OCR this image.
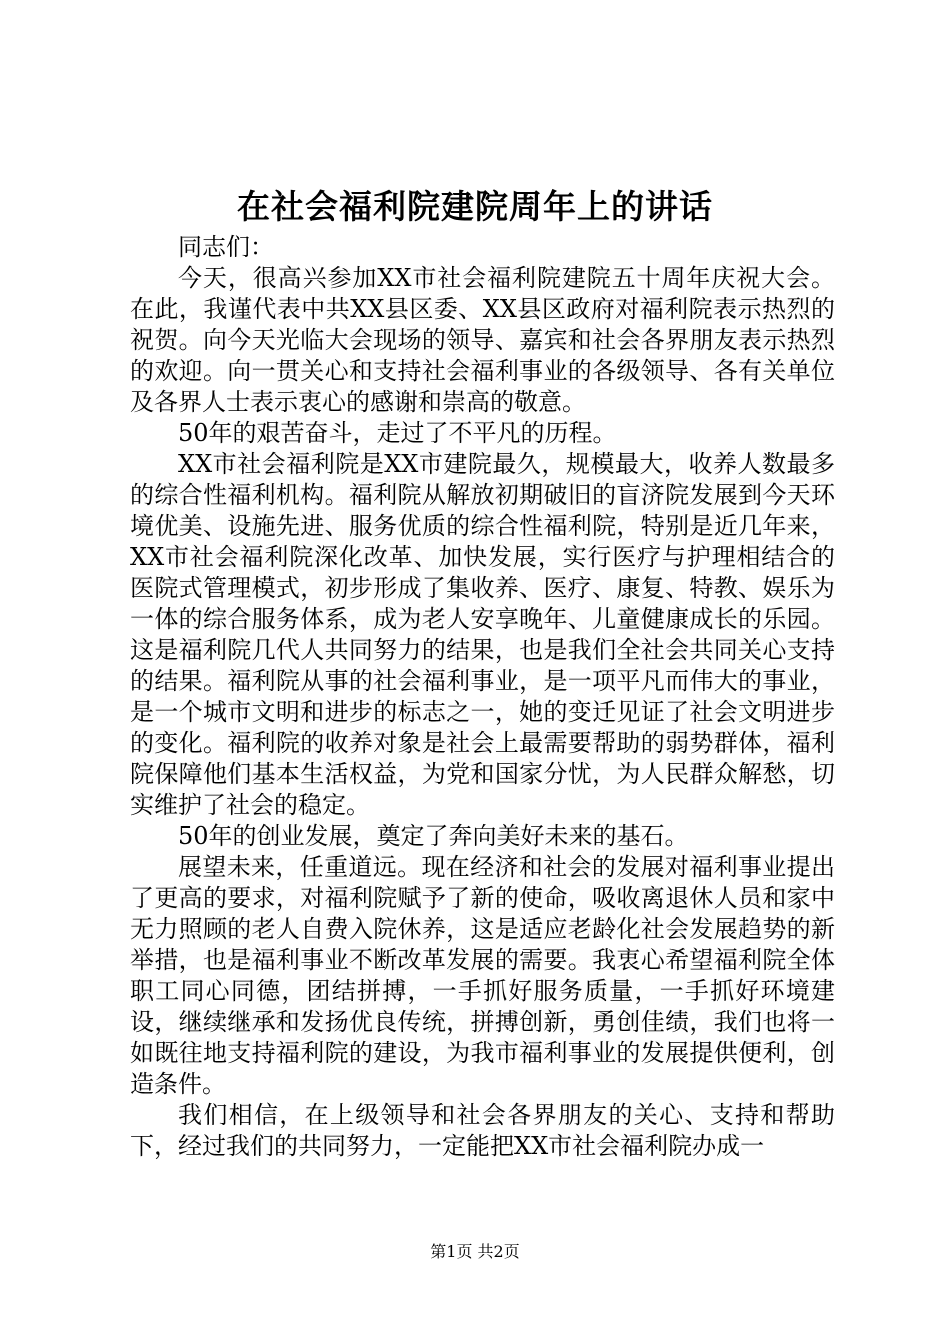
在社会福利院建院周年上的讲话

同志们：

今天，很高兴参加XX市社会福利院建院五十周年庆祝大会。在此，我谨代表中共XX县区委、XX县区政府对福利院表示热烈的祝贺。向今天光临大会现场的领导、嘉宾和社会各界朋友表示热烈的欢迎。向一贯关心和支持社会福利事业的各级领导、各有关单位及各界人士表示衷心的感谢和崇高的敬意。

50年的艰苦奋斗，走过了不平凡的历程。

XX市社会福利院是XX市建院最久，规模最大，收养人数最多的综合性福利机构。福利院从解放初期破旧的盲济院发展到今天环境优美、设施先进、服务优质的综合性福利院，特别是近几年来，XX市社会福利院深化改革、加快发展，实行医疗与护理相结合的医院式管理模式，初步形成了集收养、医疗、康复、特教、娱乐为一体的综合服务体系，成为老人安享晚年、儿童健康成长的乐园。这是福利院几代人共同努力的结果，也是我们全社会共同关心支持的结果。福利院从事的社会福利事业，是一项平凡而伟大的事业，是一个城市文明和进步的标志之一，她的变迁见证了社会文明进步的变化。福利院的收养对象是社会上最需要帮助的弱势群体，福利院保障他们基本生活权益，为党和国家分忧，为人民群众解愁，切实维护了社会的稳定。

50年的创业发展，奠定了奔向美好未来的基石。

展望未来，任重道远。现在经济和社会的发展对福利事业提出了更高的要求，对福利院赋予了新的使命，吸收离退休人员和家中无力照顾的老人自费入院休养，这是适应老龄化社会发展趋势的新举措，也是福利事业不断改革发展的需要。我衷心希望福利院全体职工同心同德，团结拼搏，一手抓好服务质量，一手抓好环境建设，继续继承和发扬优良传统，拼搏创新，勇创佳绩，我们也将一如既往地支持福利院的建设，为我市福利事业的发展提供便利，创造条件。

我们相信，在上级领导和社会各界朋友的关心、支持和帮助下，经过我们的共同努力，一定能把XX市社会福利院办成一

第1页 共2页
